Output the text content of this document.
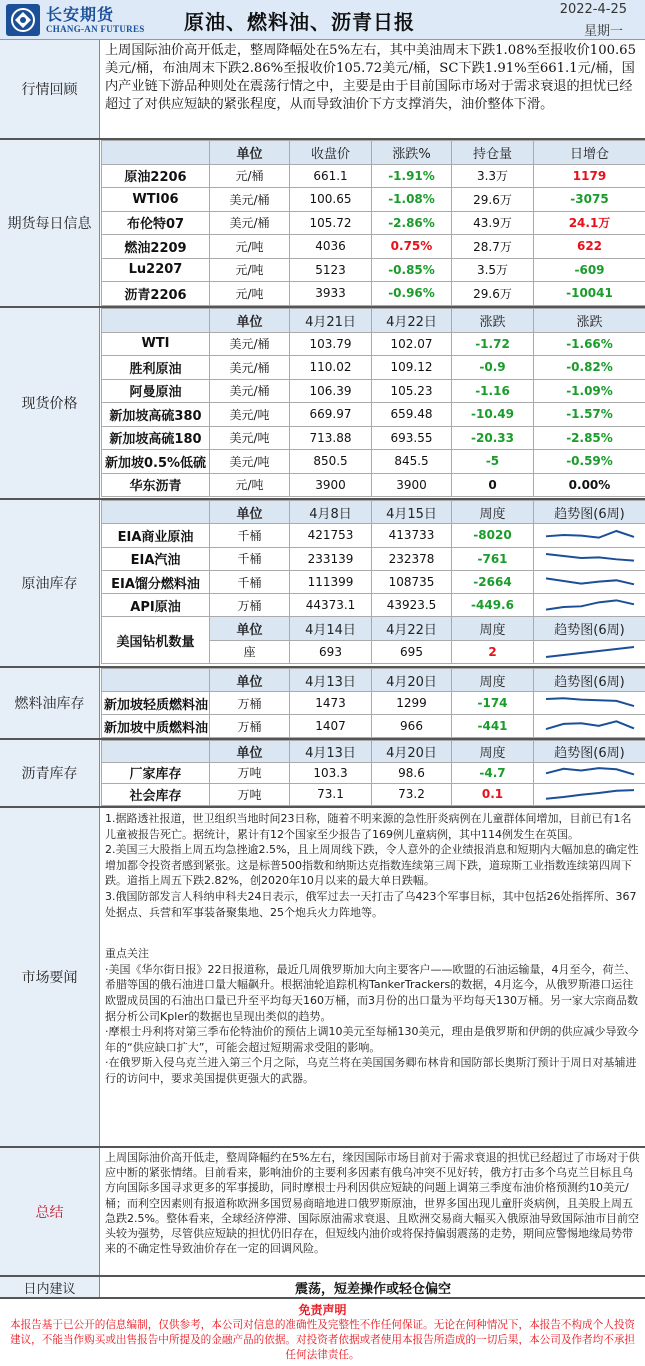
长安期货
CHANG-AN FUTURES 原油、燃料油、沥青日报
2022-4-25
星期一
行情回顾
上周国际油价高开低走，整周降幅处在5%左右，其中美油周末下跌1.08%至报收价100.65美元/桶，布油周末下跌2.86%至报收价105.72美元/桶，SC下跌1.91%至661.1元/桶，国内产业链下游品种则处在震荡行情之中，主要是由于目前国际市场对于需求衰退的担忧已经超过了对供应短缺的紧张程度，从而导致油价下方支撑消失，油价整体下滑。
期货每日信息
	单位	收盘价	涨跌%	持仓量	日增仓
原油2206	元/桶	661.1	-1.91%	3.3万	1179
WTI06	美元/桶	100.65	-1.08%	29.6万	-3075
布伦特07	美元/桶	105.72	-2.86%	43.9万	24.1万
燃油2209	元/吨	4036	0.75%	28.7万	622
Lu2207	元/吨	5123	-0.85%	3.5万	-609
沥青2206	元/吨	3933	-0.96%	29.6万	-10041
现货价格
	单位	4月21日	4月22日	涨跌	涨跌
WTI	美元/桶	103.79	102.07	-1.72	-1.66%
胜利原油	美元/桶	110.02	109.12	-0.9	-0.82%
阿曼原油	美元/桶	106.39	105.23	-1.16	-1.09%
新加坡高硫380	美元/吨	669.97	659.48	-10.49	-1.57%
新加坡高硫180	美元/吨	713.88	693.55	-20.33	-2.85%
新加坡0.5%低硫	美元/吨	850.5	845.5	-5	-0.59%
华东沥青	元/吨	3900	3900	0	0.00%
原油库存
	单位	4月8日	4月15日	周度	趋势图(6周)
EIA商业原油	千桶	421753	413733	-8020	

EIA汽油	千桶	233139	232378	-761	

EIA馏分燃料油	千桶	111399	108735	-2664	

API原油	万桶	44373.1	43923.5	-449.6	

美国钻机数量	单位	4月14日	4月22日	周度	趋势图(6周)
	座	693	695	2	
燃料油库存
	单位	4月13日	4月20日	周度	趋势图(6周)
新加坡轻质燃料油	万桶	1473	1299	-174	

新加坡中质燃料油	万桶	1407	966	-441	
沥青库存
	单位	4月13日	4月20日	周度	趋势图(6周)
厂家库存	万吨	103.3	98.6	-4.7	

社会库存	万吨	73.1	73.2	0.1	
市场要闻

1.据路透社报道，世卫组织当地时间23日称，随着不明来源的急性肝炎病例在儿童群体间增加，目前已有1名儿童被报告死亡。据统计，累计有12个国家至少报告了169例儿童病例，其中114例发生在英国。

2.美国三大股指上周五均急挫逾2.5%，且上周周线下跌，令人意外的企业绩报消息和短期内大幅加息的确定性增加都令投资者感到紧张。这是标普500指数和纳斯达克指数连续第三周下跌，道琼斯工业指数连续第四周下跌。道指上周五下跌2.82%，创2020年10月以来的最大单日跌幅。

3.俄国防部发言人科纳申科夫24日表示，俄军过去一天打击了乌423个军事目标，其中包括26处指挥所、367处据点、兵营和军事装备聚集地、25个炮兵火力阵地等。

重点关注

·美国《华尔街日报》22日报道称，最近几周俄罗斯加大向主要客户——欧盟的石油运输量，4月至今，荷兰、希腊等国的俄石油进口量大幅飙升。根据油轮追踪机构TankerTrackers的数据，4月迄今，从俄罗斯港口运往欧盟成员国的石油出口量已升至平均每天160万桶，而3月份的出口量为平均每天130万桶。另一家大宗商品数据分析公司Kpler的数据也呈现出类似的趋势。

·摩根士丹利将对第三季布伦特油价的预估上调10美元至每桶130美元，理由是俄罗斯和伊朗的供应减少导致今年的“供应缺口扩大”，可能会超过短期需求受阻的影响。

·在俄罗斯入侵乌克兰进入第三个月之际，乌克兰将在美国国务卿布林肯和国防部长奥斯汀预计于周日对基辅进行的访问中，要求美国提供更强大的武器。

总结
上周国际油价高开低走，整周降幅约在5%左右，缘因国际市场目前对于需求衰退的担忧已经超过了市场对于供应中断的紧张情绪。目前看来，影响油价的主要利多因素有俄乌冲突不见好转，俄方打击多个乌克兰目标且乌方向国际多国寻求更多的军事援助，同时摩根士丹利因供应短缺的问题上调第三季度布油价格预测约10美元/桶；而利空因素则有报道称欧洲多国贸易商暗地进口俄罗斯原油，世界多国出现儿童肝炎病例，且美股上周五急跌2.5%。整体看来，全球经济停滞、国际原油需求衰退、且欧洲交易商大幅买入俄原油导致国际油市目前空头较为强势，尽管供应短缺的担忧仍旧存在，但短线内油价或将保持偏弱震荡的走势，期间应警惕地缘局势带来的不确定性导致油价存在一定的回调风险。
日内建议	震荡，短差操作或轻仓偏空
免责声明
本报告基于已公开的信息编制，仅供参考，本公司对信息的准确性及完整性不作任何保证。无论在何种情况下，本报告不构成个人投资建议，不能当作购买或出售报告中所提及的金融产品的依据。对投资者依据或者使用本报告所造成的一切后果，本公司及作者均不承担任何法律责任。
